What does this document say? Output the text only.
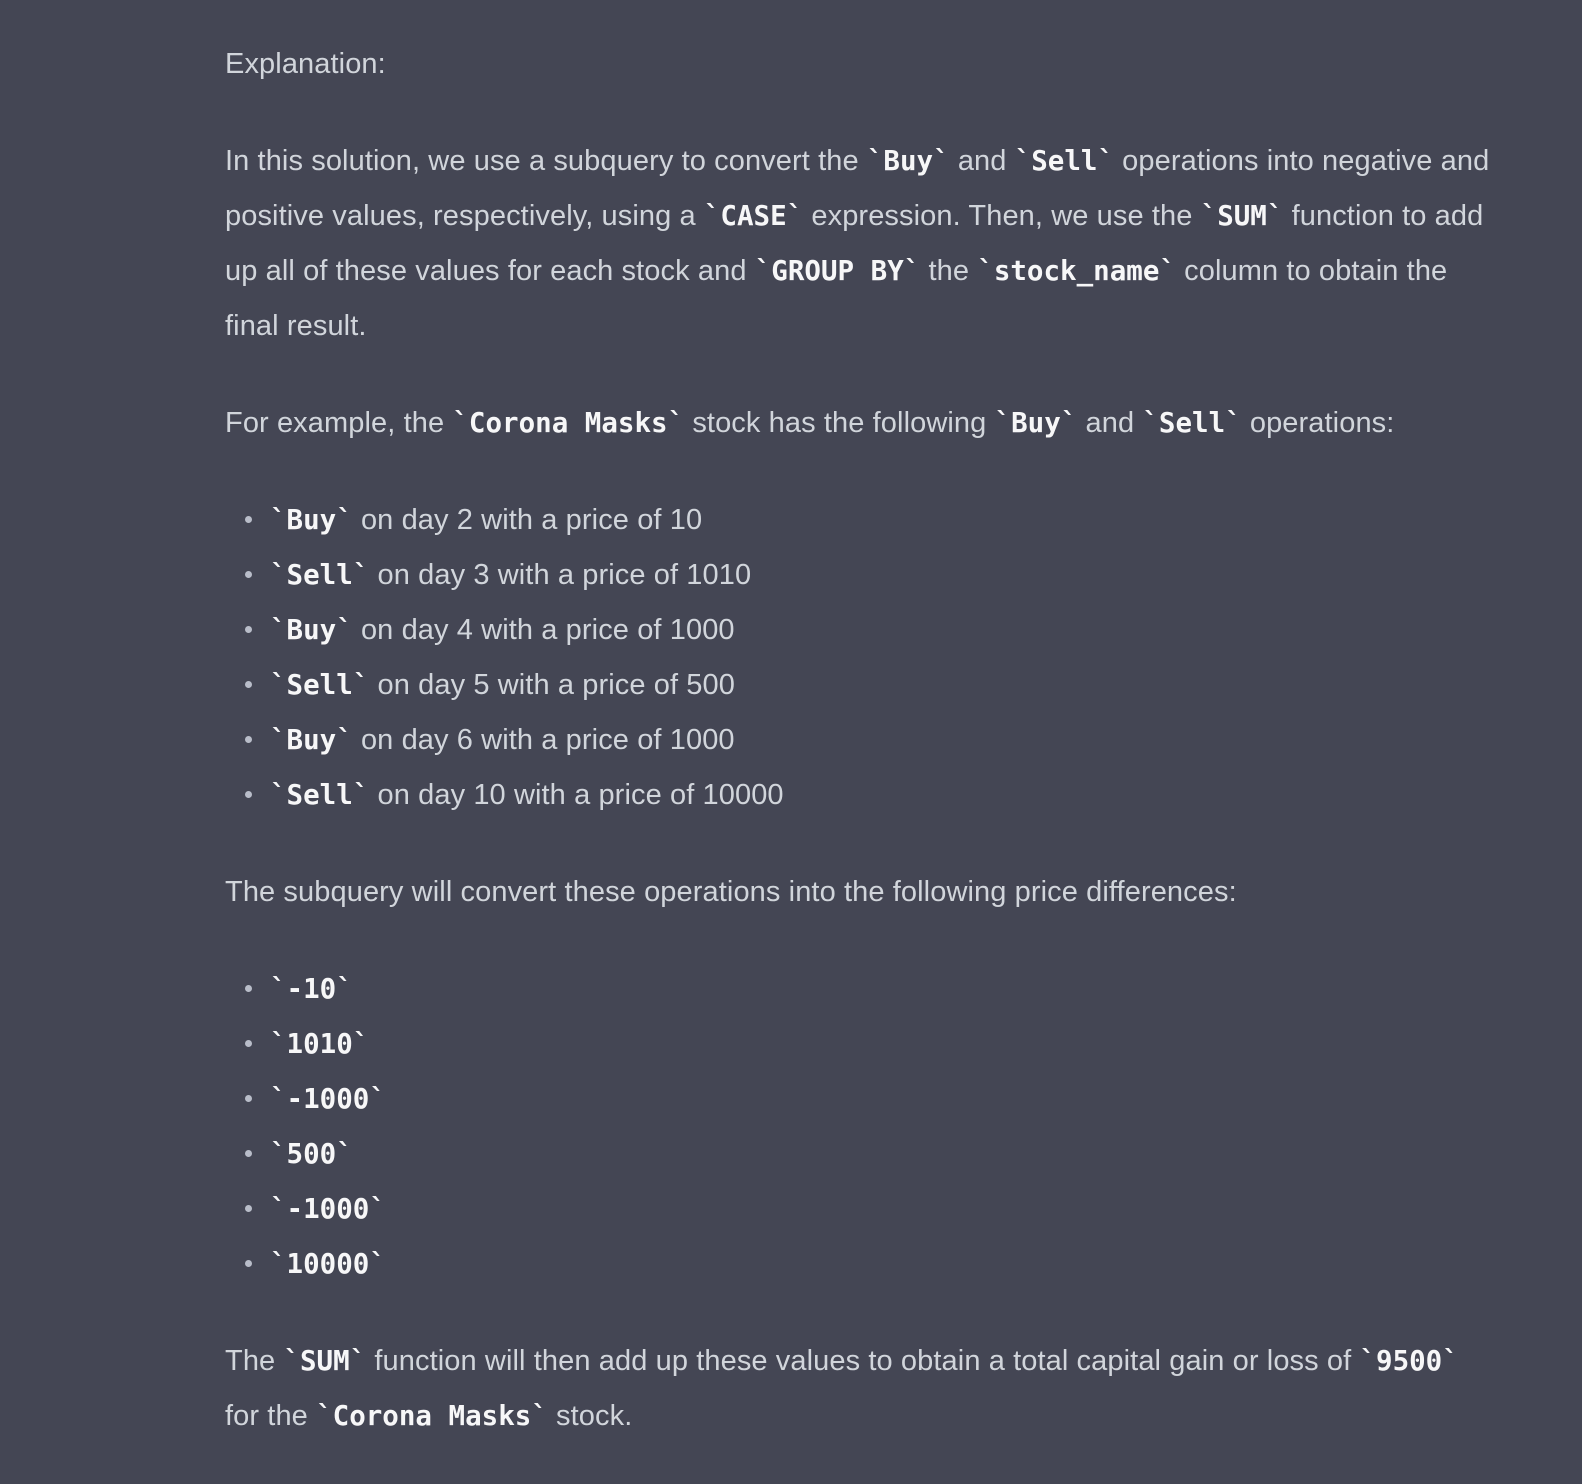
Explanation:

In this solution, we use a subquery to convert the `Buy` and `Sell` operations into negative and positive values, respectively, using a `CASE` expression. Then, we use the `SUM` function to add up all of these values for each stock and `GROUP BY` the `stock_name` column to obtain the final result.

For example, the `Corona Masks` stock has the following `Buy` and `Sell` operations:

`Buy` on day 2 with a price of 10
`Sell` on day 3 with a price of 1010
`Buy` on day 4 with a price of 1000
`Sell` on day 5 with a price of 500
`Buy` on day 6 with a price of 1000
`Sell` on day 10 with a price of 10000

The subquery will convert these operations into the following price differences:

`-10`
`1010`
`-1000`
`500`
`-1000`
`10000`

The `SUM` function will then add up these values to obtain a total capital gain or loss of `9500` for the `Corona Masks` stock.
